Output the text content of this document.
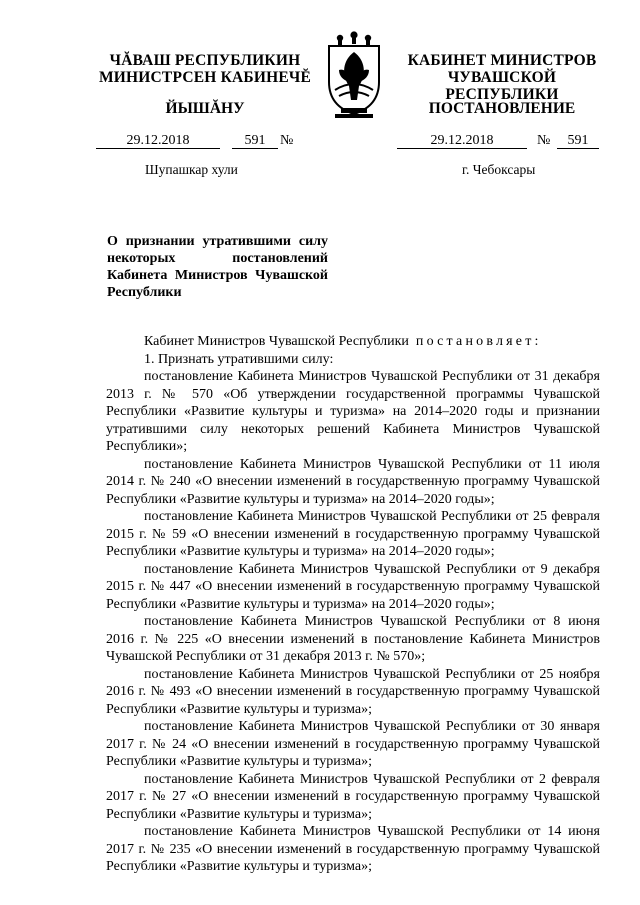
ЧĂВАШ РЕСПУБЛИКИН
МИНИСТРСЕН КАБИНЕЧĔ
ЙЫШĂНУ
КАБИНЕТ МИНИСТРОВ
ЧУВАШСКОЙ РЕСПУБЛИКИ
ПОСТАНОВЛЕНИЕ
29.12.2018	591	№	29.12.2018	№	591
Шупашкар хули	г. Чебоксары
О признании утратившими силу некоторых постановлений Кабинета Министров Чувашской Республики

Кабинет Министров Чувашской Республики постановляет:

1. Признать утратившими силу:

постановление Кабинета Министров Чувашской Республики от 31 декабря 2013 г. № 570 «Об утверждении государственной программы Чувашской Республики «Развитие культуры и туризма» на 2014–2020 годы и признании утратившими силу некоторых решений Кабинета Министров Чувашской Республики»;

постановление Кабинета Министров Чувашской Республики от 11 июля 2014 г. № 240 «О внесении изменений в государственную программу Чувашской Республики «Развитие культуры и туризма» на 2014–2020 годы»;

постановление Кабинета Министров Чувашской Республики от 25 февраля 2015 г. № 59 «О внесении изменений в государственную программу Чувашской Республики «Развитие культуры и туризма» на 2014–2020 годы»;

постановление Кабинета Министров Чувашской Республики от 9 декабря 2015 г. № 447 «О внесении изменений в государственную программу Чувашской Республики «Развитие культуры и туризма» на 2014–2020 годы»;

постановление Кабинета Министров Чувашской Республики от 8 июня 2016 г. № 225 «О внесении изменений в постановление Кабинета Министров Чувашской Республики от 31 декабря 2013 г. № 570»;

постановление Кабинета Министров Чувашской Республики от 25 ноября 2016 г. № 493 «О внесении изменений в государственную программу Чувашской Республики «Развитие культуры и туризма»;

постановление Кабинета Министров Чувашской Республики от 30 января 2017 г. № 24 «О внесении изменений в государственную программу Чувашской Республики «Развитие культуры и туризма»;

постановление Кабинета Министров Чувашской Республики от 2 февраля 2017 г. № 27 «О внесении изменений в государственную программу Чувашской Республики «Развитие культуры и туризма»;

постановление Кабинета Министров Чувашской Республики от 14 июня 2017 г. № 235 «О внесении изменений в государственную программу Чувашской Республики «Развитие культуры и туризма»;
